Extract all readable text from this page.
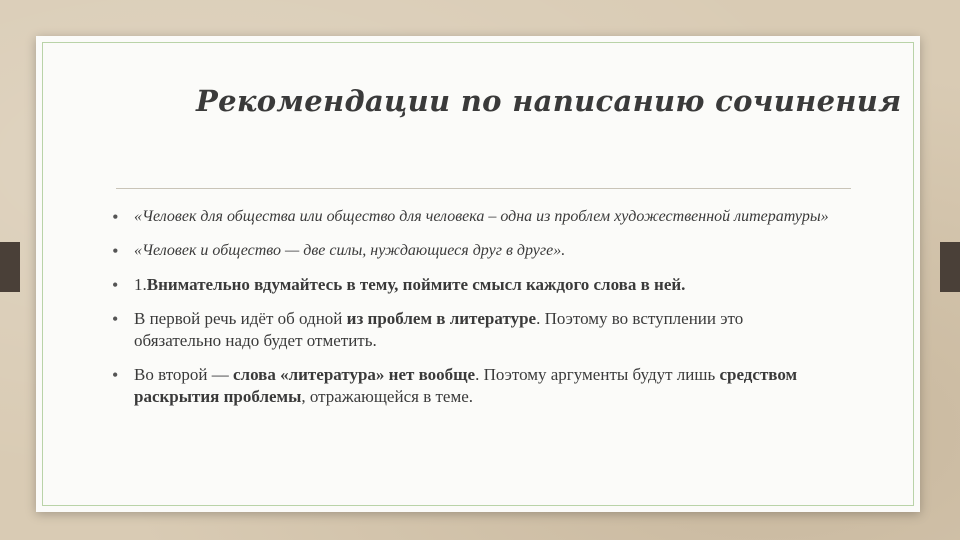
Рекомендации по написанию сочинения
• «Человек для общества или общество для человека – одна из проблем художественной литературы»
• «Человек и общество — две силы, нуждающиеся друг в друге».
• 1.Внимательно вдумайтесь в тему, поймите смысл каждого слова в ней.
• В первой речь идёт об одной из проблем в литературе. Поэтому во вступлении это обязательно надо будет отметить.
• Во второй — слова «литература» нет вообще. Поэтому аргументы будут лишь средством раскрытия проблемы, отражающейся в теме.
